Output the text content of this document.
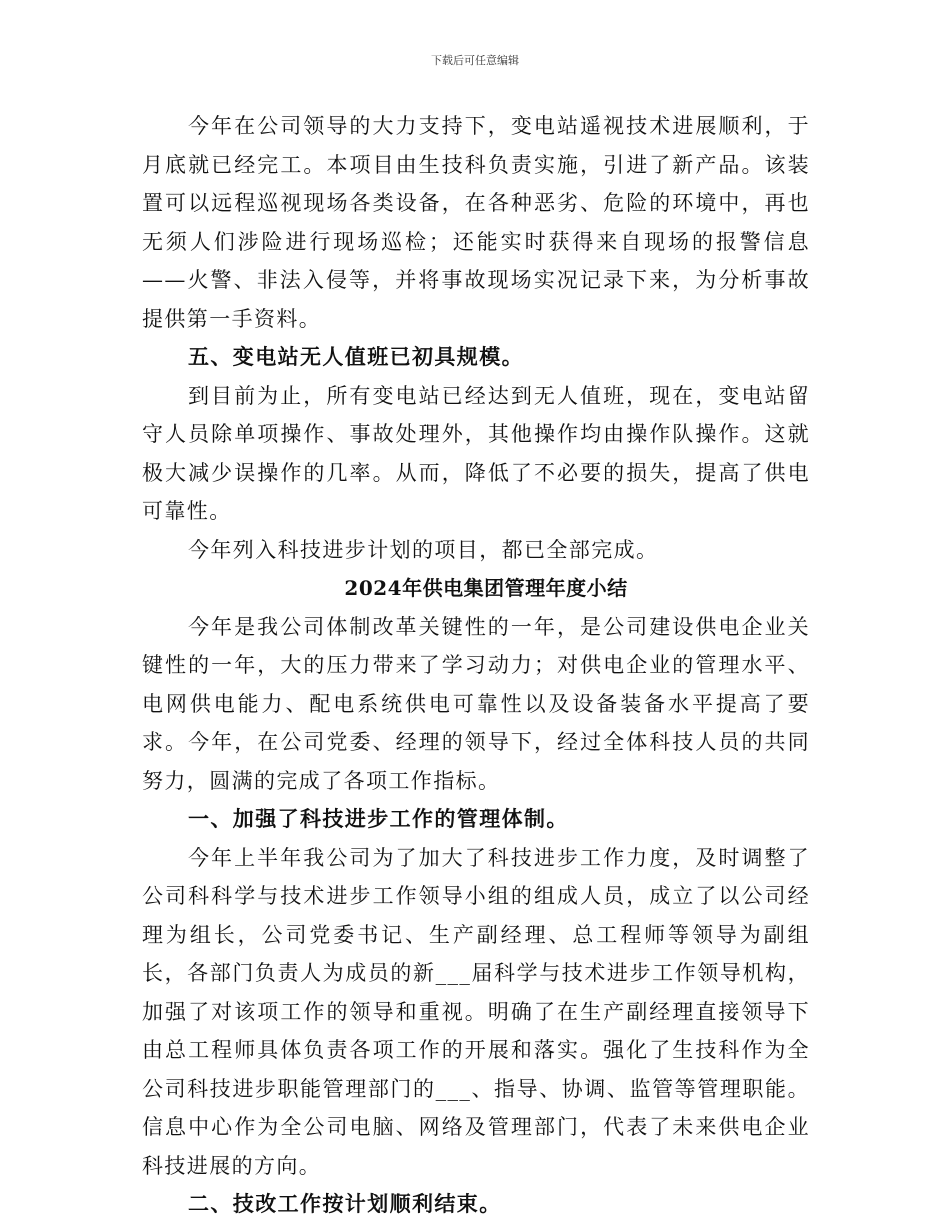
下载后可任意编辑

今年在公司领导的大力支持下，变电站遥视技术进展顺利，于月底就已经完工。本项目由生技科负责实施，引进了新产品。该装置可以远程巡视现场各类设备，在各种恶劣、危险的环境中，再也无须人们涉险进行现场巡检；还能实时获得来自现场的报警信息——火警、非法入侵等，并将事故现场实况记录下来，为分析事故提供第一手资料。

五、变电站无人值班已初具规模。

到目前为止，所有变电站已经达到无人值班，现在，变电站留守人员除单项操作、事故处理外，其他操作均由操作队操作。这就极大减少误操作的几率。从而，降低了不必要的损失，提高了供电可靠性。

今年列入科技进步计划的项目，都已全部完成。

2024年供电集团管理年度小结

今年是我公司体制改革关键性的一年，是公司建设供电企业关键性的一年，大的压力带来了学习动力；对供电企业的管理水平、电网供电能力、配电系统供电可靠性以及设备装备水平提高了要求。今年，在公司党委、经理的领导下，经过全体科技人员的共同努力，圆满的完成了各项工作指标。

一、加强了科技进步工作的管理体制。

今年上半年我公司为了加大了科技进步工作力度，及时调整了公司科科学与技术进步工作领导小组的组成人员，成立了以公司经理为组长，公司党委书记、生产副经理、总工程师等领导为副组长，各部门负责人为成员的新___届科学与技术进步工作领导机构，加强了对该项工作的领导和重视。明确了在生产副经理直接领导下由总工程师具体负责各项工作的开展和落实。强化了生技科作为全公司科技进步职能管理部门的___、指导、协调、监管等管理职能。信息中心作为全公司电脑、网络及管理部门，代表了未来供电企业科技进展的方向。

二、技改工作按计划顺利结束。
